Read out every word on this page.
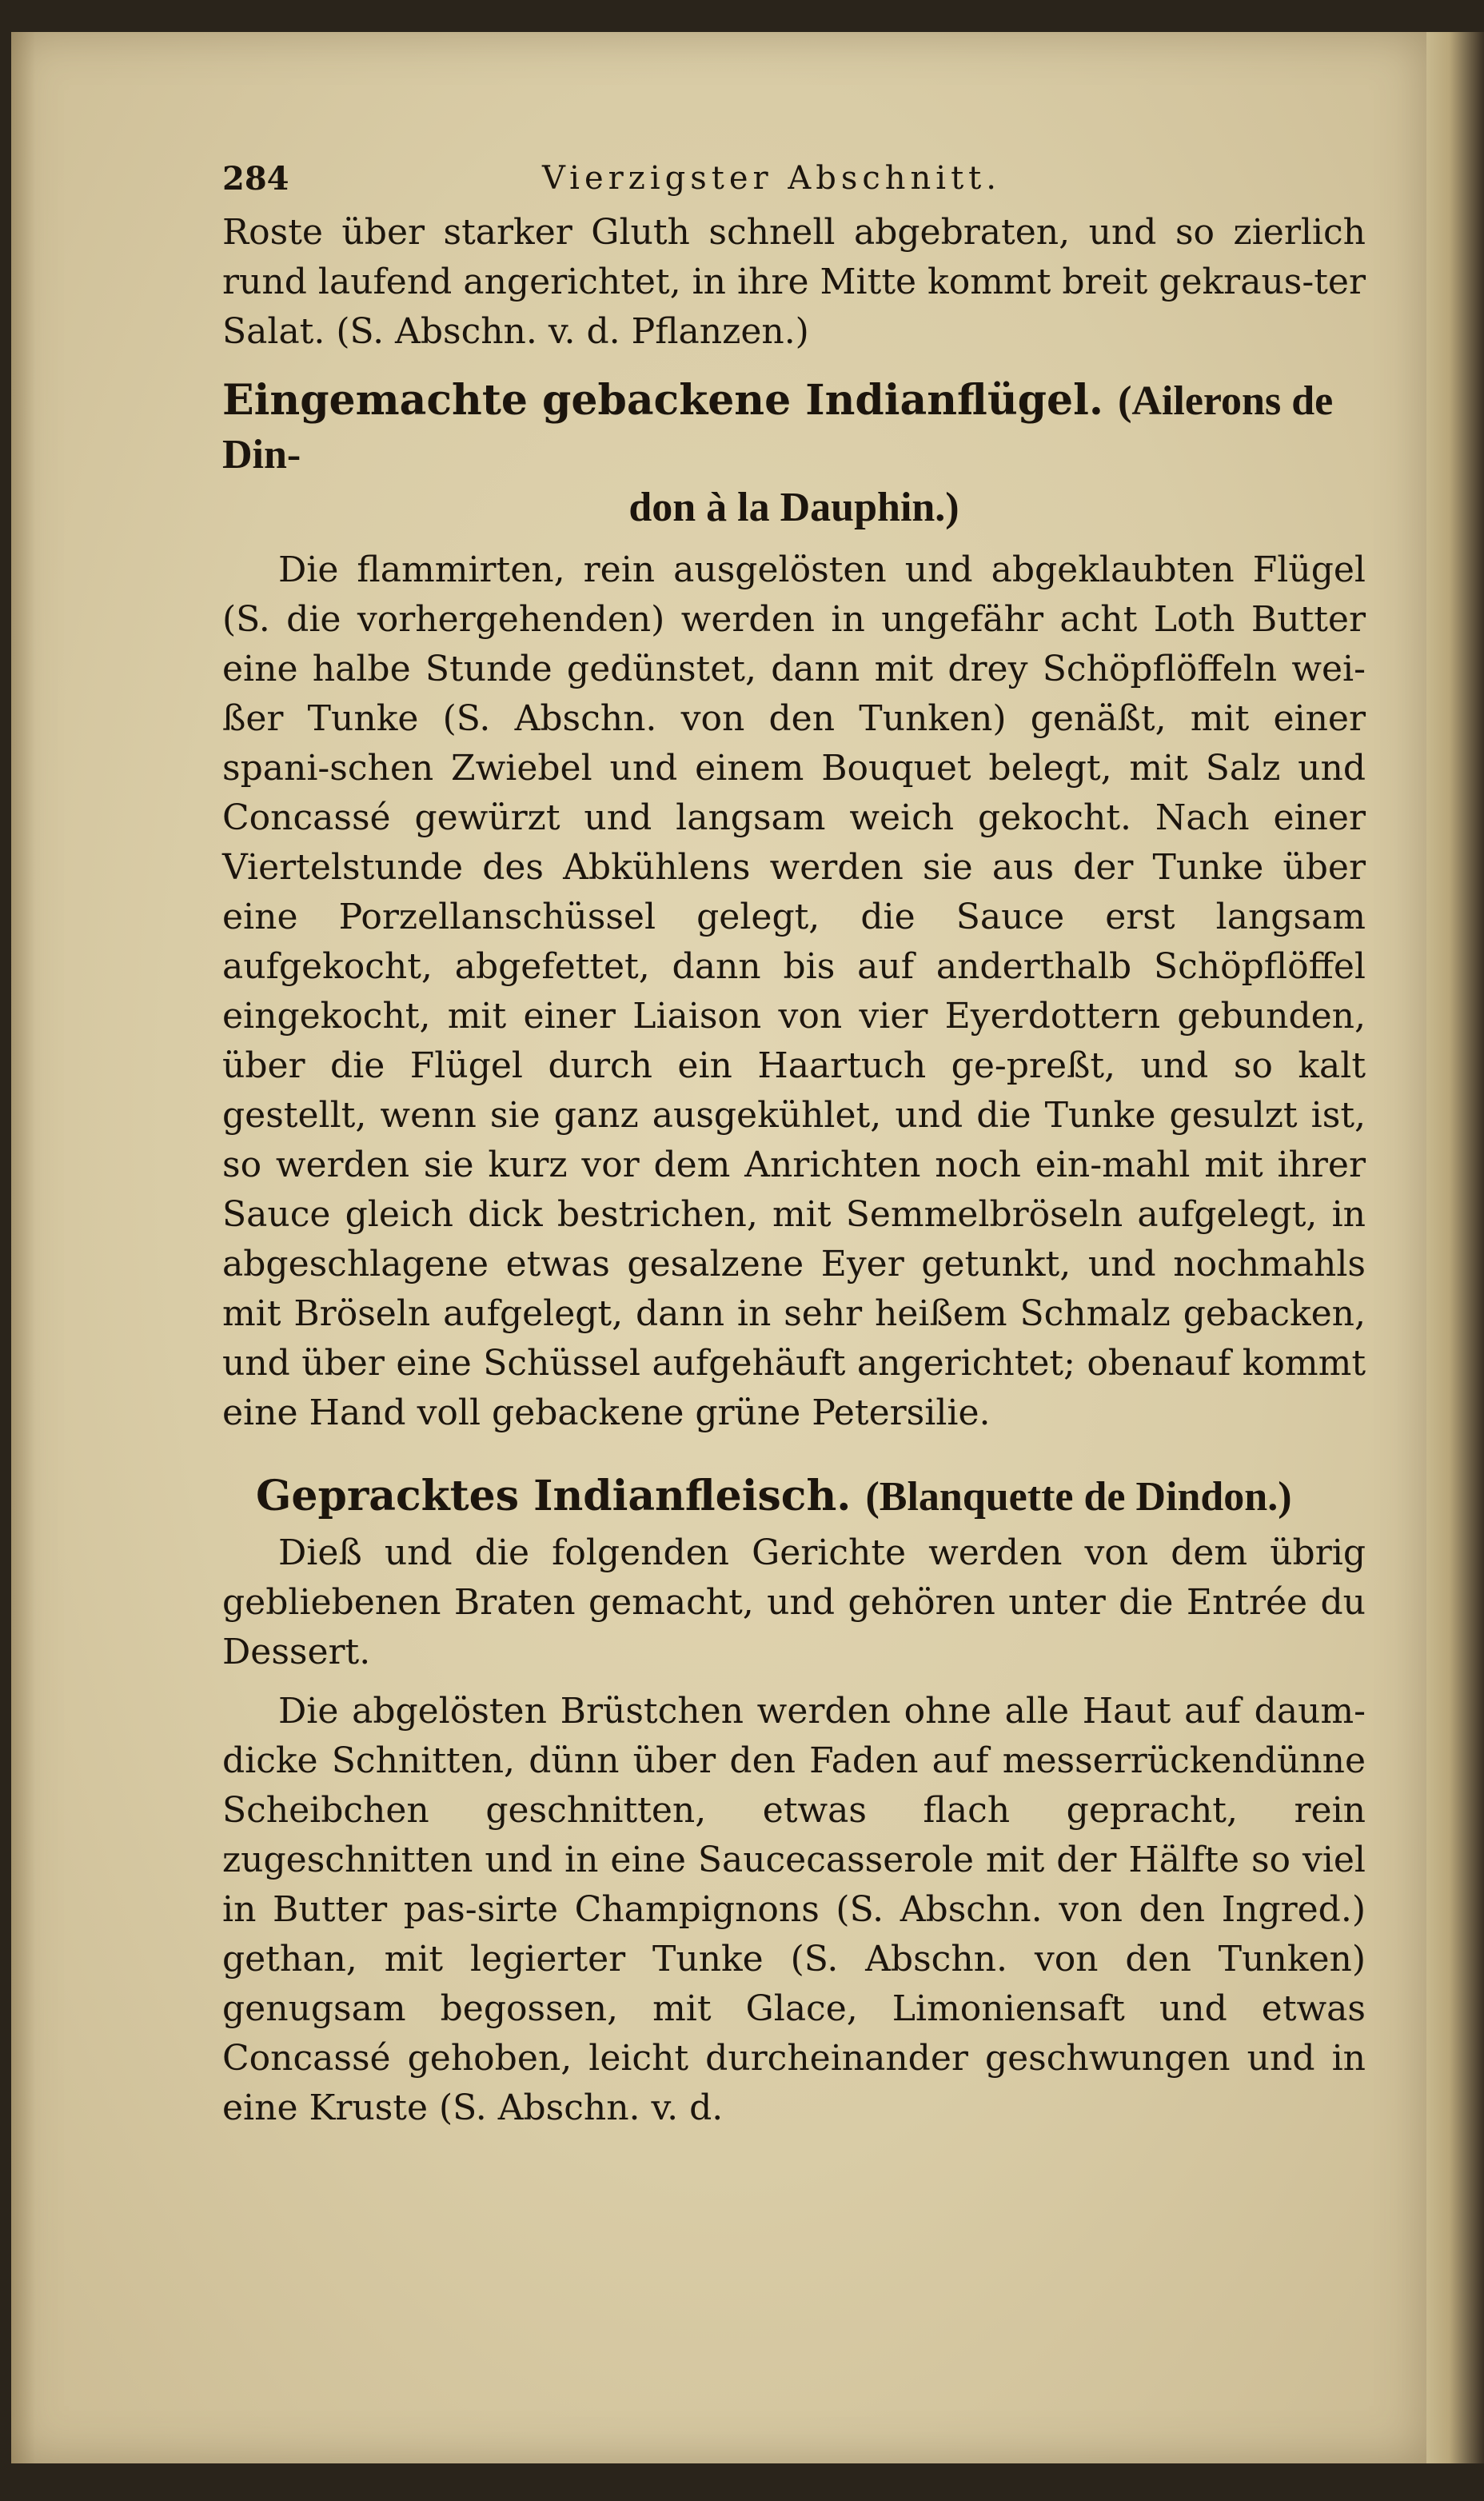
284	Vierzigster Abschnitt.

Roste über starker Gluth schnell abgebraten, und so zierlich rund laufend angerichtet, in ihre Mitte kommt breit gekraus-ter Salat. (S. Abschn. v. d. Pflanzen.)

Eingemachte gebackene Indianflügel. (Ailerons de Din-
don à la Dauphin.)

Die flammirten, rein ausgelösten und abgeklaubten Flügel (S. die vorhergehenden) werden in ungefähr acht Loth Butter eine halbe Stunde gedünstet, dann mit drey Schöpflöffeln wei-ßer Tunke (S. Abschn. von den Tunken) genäßt, mit einer spani-schen Zwiebel und einem Bouquet belegt, mit Salz und Concassé gewürzt und langsam weich gekocht. Nach einer Viertelstunde des Abkühlens werden sie aus der Tunke über eine Porzellanschüssel gelegt, die Sauce erst langsam aufgekocht, abgefettet, dann bis auf anderthalb Schöpflöffel eingekocht, mit einer Liaison von vier Eyerdottern gebunden, über die Flügel durch ein Haartuch ge-preßt, und so kalt gestellt, wenn sie ganz ausgekühlet, und die Tunke gesulzt ist, so werden sie kurz vor dem Anrichten noch ein-mahl mit ihrer Sauce gleich dick bestrichen, mit Semmelbröseln aufgelegt, in abgeschlagene etwas gesalzene Eyer getunkt, und nochmahls mit Bröseln aufgelegt, dann in sehr heißem Schmalz gebacken, und über eine Schüssel aufgehäuft angerichtet; obenauf kommt eine Hand voll gebackene grüne Petersilie.

Gepracktes Indianfleisch. (Blanquette de Dindon.)

Dieß und die folgenden Gerichte werden von dem übrig gebliebenen Braten gemacht, und gehören unter die Entrée du Dessert.

Die abgelösten Brüstchen werden ohne alle Haut auf daum-dicke Schnitten, dünn über den Faden auf messerrückendünne Scheibchen geschnitten, etwas flach gepracht, rein zugeschnitten und in eine Saucecasserole mit der Hälfte so viel in Butter pas-sirte Champignons (S. Abschn. von den Ingred.) gethan, mit legierter Tunke (S. Abschn. von den Tunken) genugsam begossen, mit Glace, Limoniensaft und etwas Concassé gehoben, leicht durcheinander geschwungen und in eine Kruste (S. Abschn. v. d.
